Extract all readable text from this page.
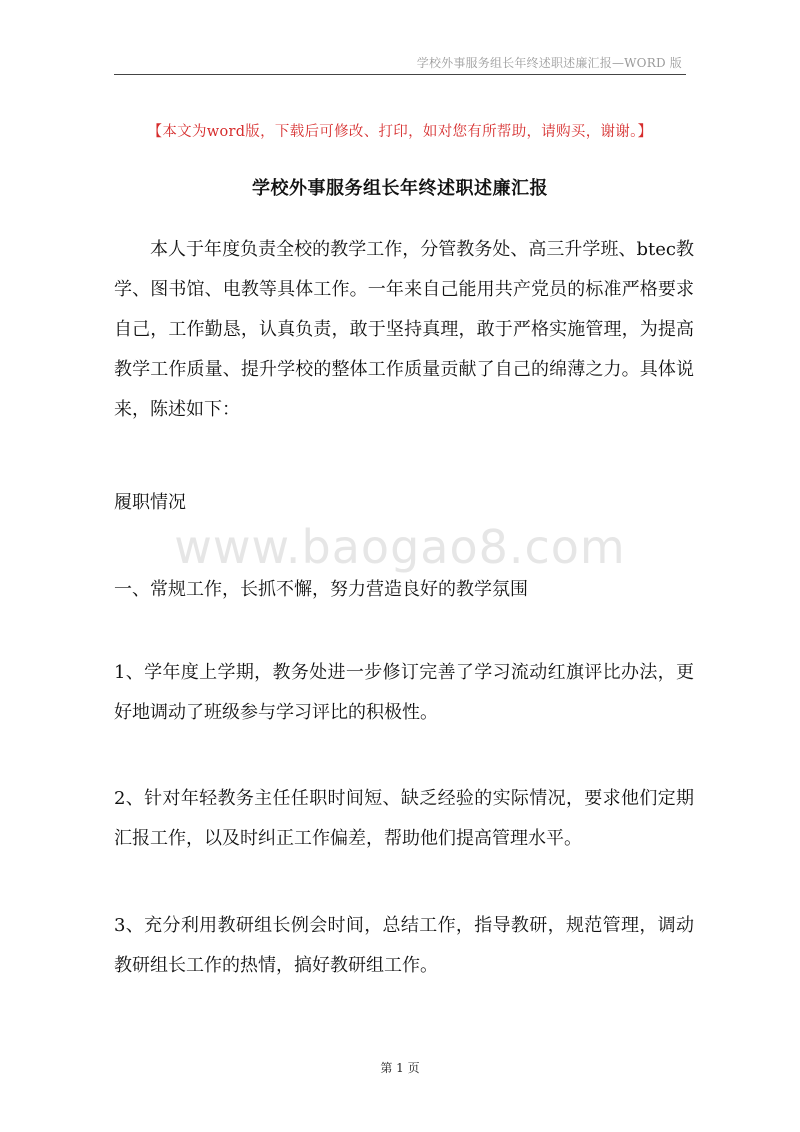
学校外事服务组长年终述职述廉汇报—WORD 版
【本文为word版，下载后可修改、打印，如对您有所帮助，请购买，谢谢。】
学校外事服务组长年终述职述廉汇报
本人于年度负责全校的教学工作，分管教务处、高三升学班、btec教学、图书馆、电教等具体工作。一年来自己能用共产党员的标准严格要求自己，工作勤恳，认真负责，敢于坚持真理，敢于严格实施管理，为提高教学工作质量、提升学校的整体工作质量贡献了自己的绵薄之力。具体说来，陈述如下：
履职情况
www.baogao8.com
一、常规工作，长抓不懈，努力营造良好的教学氛围
1、学年度上学期，教务处进一步修订完善了学习流动红旗评比办法，更好地调动了班级参与学习评比的积极性。
2、针对年轻教务主任任职时间短、缺乏经验的实际情况，要求他们定期汇报工作，以及时纠正工作偏差，帮助他们提高管理水平。
3、充分利用教研组长例会时间，总结工作，指导教研，规范管理，调动教研组长工作的热情，搞好教研组工作。
第 1 页
